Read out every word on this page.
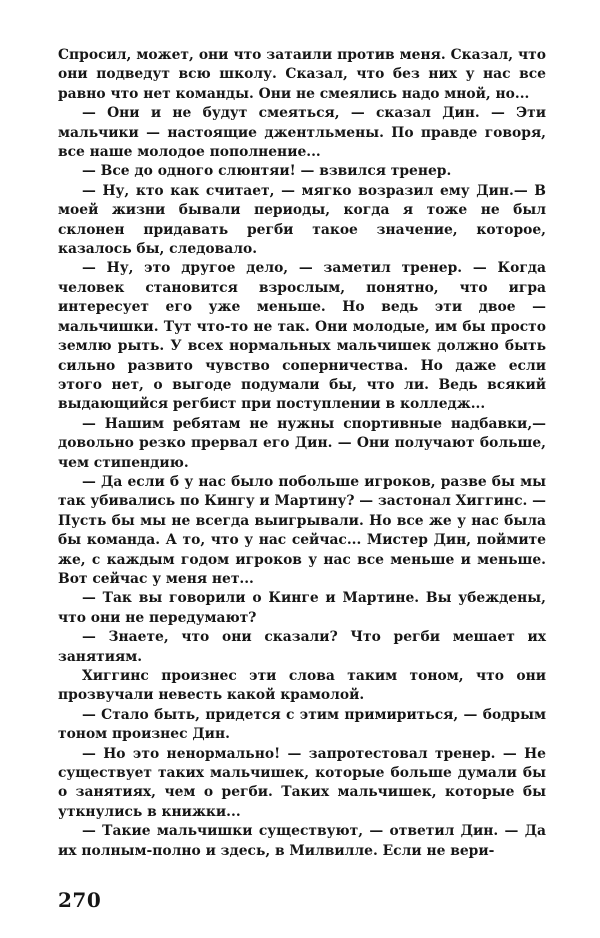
Спросил, может, они что затаили против меня. Сказал, что они подведут всю школу. Сказал, что без них у нас все равно что нет команды. Они не смеялись надо мной, но...

— Они и не будут смеяться, — сказал Дин. — Эти мальчики — настоящие джентльмены. По правде говоря, все наше молодое пополнение...

— Все до одного слюнтяи! — взвился тренер.

— Ну, кто как считает, — мягко возразил ему Дин.— В моей жизни бывали периоды, когда я тоже не был склонен придавать регби такое значение, которое, казалось бы, следовало.

— Ну, это другое дело, — заметил тренер. — Когда человек становится взрослым, понятно, что игра интересует его уже меньше. Но ведь эти двое — мальчишки. Тут что-то не так. Они молодые, им бы просто землю рыть. У всех нормальных мальчишек должно быть сильно развито чувство соперничества. Но даже если этого нет, о выгоде подумали бы, что ли. Ведь всякий выдающийся регбист при поступлении в колледж...

— Нашим ребятам не нужны спортивные надбавки,— довольно резко прервал его Дин. — Они получают больше, чем стипендию.

— Да если б у нас было побольше игроков, разве бы мы так убивались по Кингу и Мартину? — застонал Хиггинс. — Пусть бы мы не всегда выигрывали. Но все же у нас была бы команда. А то, что у нас сейчас... Мистер Дин, поймите же, с каждым годом игроков у нас все меньше и меньше. Вот сейчас у меня нет...

— Так вы говорили о Кинге и Мартине. Вы убеждены, что они не передумают?

— Знаете, что они сказали? Что регби мешает их занятиям.

Хиггинс произнес эти слова таким тоном, что они прозвучали невесть какой крамолой.

— Стало быть, придется с этим примириться, — бодрым тоном произнес Дин.

— Но это ненормально! — запротестовал тренер. — Не существует таких мальчишек, которые больше думали бы о занятиях, чем о регби. Таких мальчишек, которые бы уткнулись в книжки...

— Такие мальчишки существуют, — ответил Дин. — Да их полным-полно и здесь, в Милвилле. Если не вери-

270
